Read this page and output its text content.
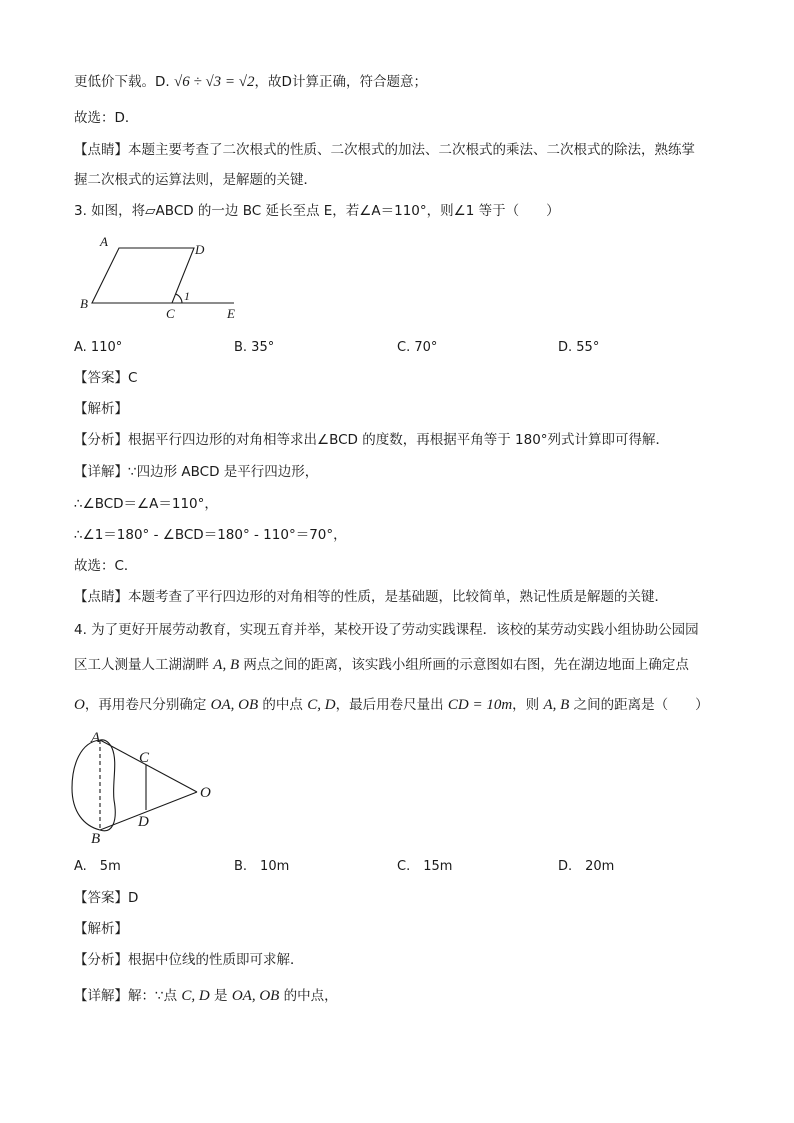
更低价下载。D. √6 ÷ √3 = √2，故D计算正确，符合题意；
故选：D．
【点睛】本题主要考查了二次根式的性质、二次根式的加法、二次根式的乘法、二次根式的除法，熟练掌
握二次根式的运算法则，是解题的关键．
3. 如图，将▱ABCD 的一边 BC 延长至点 E，若∠A＝110°，则∠1 等于（　　）
A
D
B
C	E
1
A. 110°	B. 35°	C. 70°	D. 55°
【答案】C
【解析】
【分析】根据平行四边形的对角相等求出∠BCD 的度数，再根据平角等于 180°列式计算即可得解．
【详解】∵四边形 ABCD 是平行四边形，
∴∠BCD＝∠A＝110°，
∴∠1＝180° - ∠BCD＝180° - 110°＝70°，
故选：C．
【点睛】本题考查了平行四边形的对角相等的性质，是基础题，比较简单，熟记性质是解题的关键．
4. 为了更好开展劳动教育，实现五育并举，某校开设了劳动实践课程．该校的某劳动实践小组协助公园园
区工人测量人工湖湖畔 A, B 两点之间的距离，该实践小组所画的示意图如右图，先在湖边地面上确定点
O，再用卷尺分别确定 OA, OB 的中点 C, D，最后用卷尺量出 CD = 10m，则 A, B 之间的距离是（　　）
A
B
C
D
O
A.　5m	B.　10m	C.　15m	D.　20m
【答案】D
【解析】
【分析】根据中位线的性质即可求解．
【详解】解：∵点 C, D 是 OA, OB 的中点，
